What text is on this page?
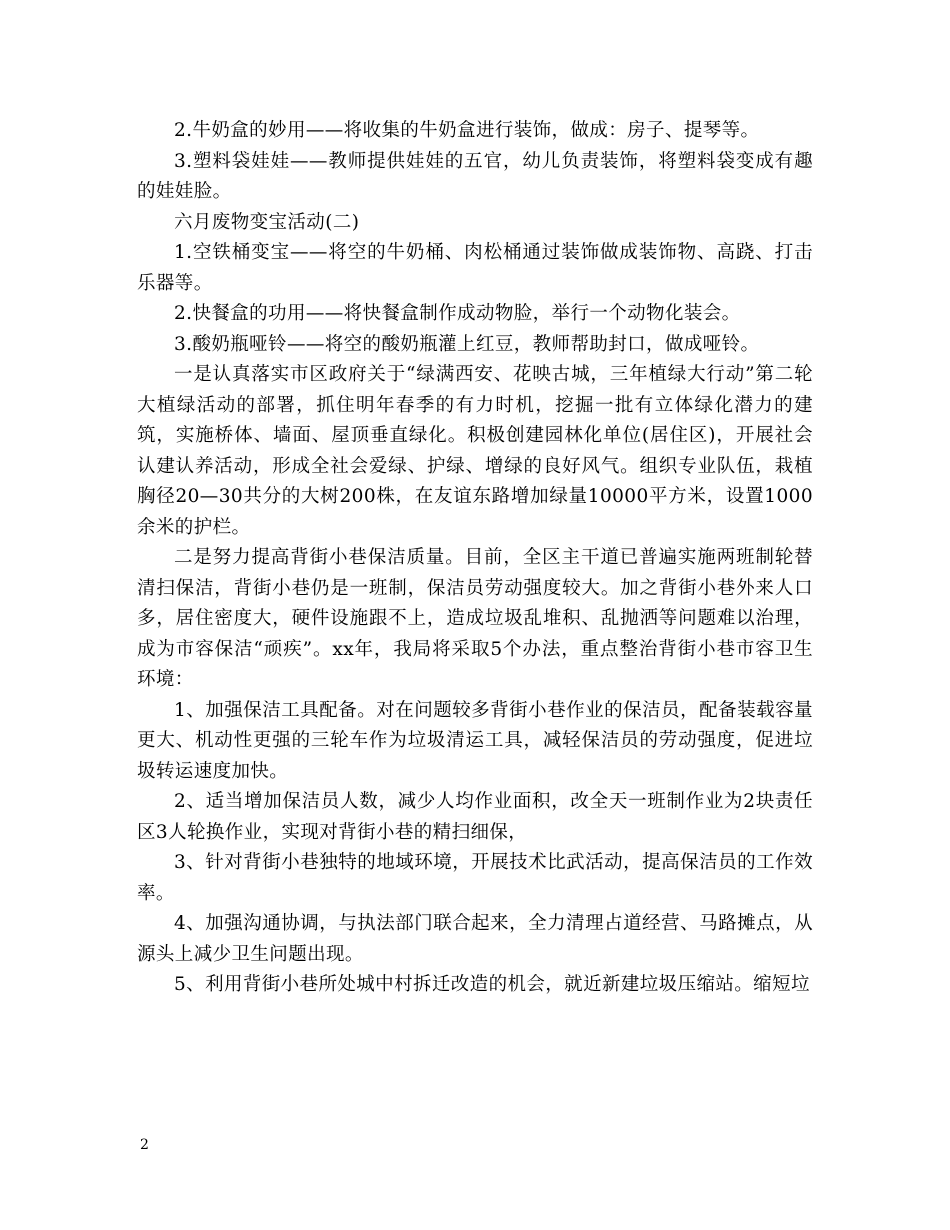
2.牛奶盒的妙用——将收集的牛奶盒进行装饰，做成：房子、提琴等。

3.塑料袋娃娃——教师提供娃娃的五官，幼儿负责装饰，将塑料袋变成有趣的娃娃脸。

六月废物变宝活动(二)

1.空铁桶变宝——将空的牛奶桶、肉松桶通过装饰做成装饰物、高跷、打击乐器等。

2.快餐盒的功用——将快餐盒制作成动物脸，举行一个动物化装会。

3.酸奶瓶哑铃——将空的酸奶瓶灌上红豆，教师帮助封口，做成哑铃。

一是认真落实市区政府关于“绿满西安、花映古城，三年植绿大行动”第二轮大植绿活动的部署，抓住明年春季的有力时机，挖掘一批有立体绿化潜力的建筑，实施桥体、墙面、屋顶垂直绿化。积极创建园林化单位(居住区)，开展社会认建认养活动，形成全社会爱绿、护绿、增绿的良好风气。组织专业队伍，栽植胸径20—30共分的大树200株，在友谊东路增加绿量10000平方米，设置1000余米的护栏。

二是努力提高背街小巷保洁质量。目前，全区主干道已普遍实施两班制轮替清扫保洁，背街小巷仍是一班制，保洁员劳动强度较大。加之背街小巷外来人口多，居住密度大，硬件设施跟不上，造成垃圾乱堆积、乱抛洒等问题难以治理，成为市容保洁“顽疾”。xx年，我局将采取5个办法，重点整治背街小巷市容卫生环境：

1、加强保洁工具配备。对在问题较多背街小巷作业的保洁员，配备装载容量更大、机动性更强的三轮车作为垃圾清运工具，减轻保洁员的劳动强度，促进垃圾转运速度加快。

2、适当增加保洁员人数，减少人均作业面积，改全天一班制作业为2块责任区3人轮换作业，实现对背街小巷的精扫细保，

3、针对背街小巷独特的地域环境，开展技术比武活动，提高保洁员的工作效率。

4、加强沟通协调，与执法部门联合起来，全力清理占道经营、马路摊点，从源头上减少卫生问题出现。

5、利用背街小巷所处城中村拆迁改造的机会，就近新建垃圾压缩站。缩短垃

2
